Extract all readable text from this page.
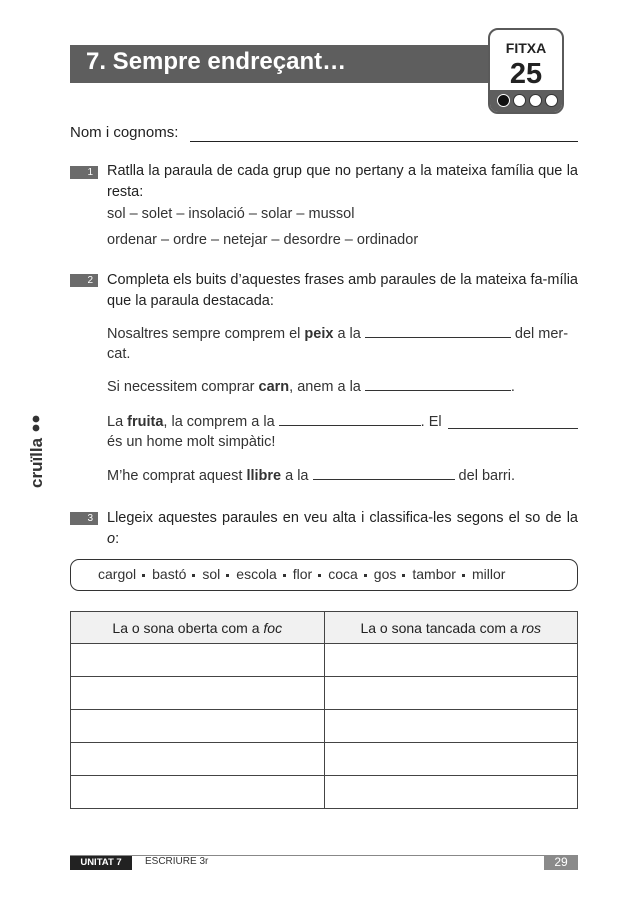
7. Sempre endreçant…	FITXA
25
Nom i cognoms:
1 Ratlla la paraula de cada grup que no pertany a la mateixa família que la resta:
sol – solet – insolació – solar – mussol
ordenar – ordre – netejar – desordre – ordinador
2 Completa els buits d’aquestes frases amb paraules de la mateixa fa-mília que la paraula destacada:
Nosaltres sempre comprem el peix a la	del mer-
cat.
Si necessitem comprar carn, anem a la	.
La fruita, la comprem a la	. El
és un home molt simpàtic!
M’he comprat aquest llibre a la	del barri.
3 Llegeix aquestes paraules en veu alta i classifica-les segons el so de la o:
cargol bastó sol escola flor coca gos tambor millor
La o sona oberta com a foc	La o sona tancada com a ros

cruïlla
UNITAT 7	ESCRIURE 3r	29
